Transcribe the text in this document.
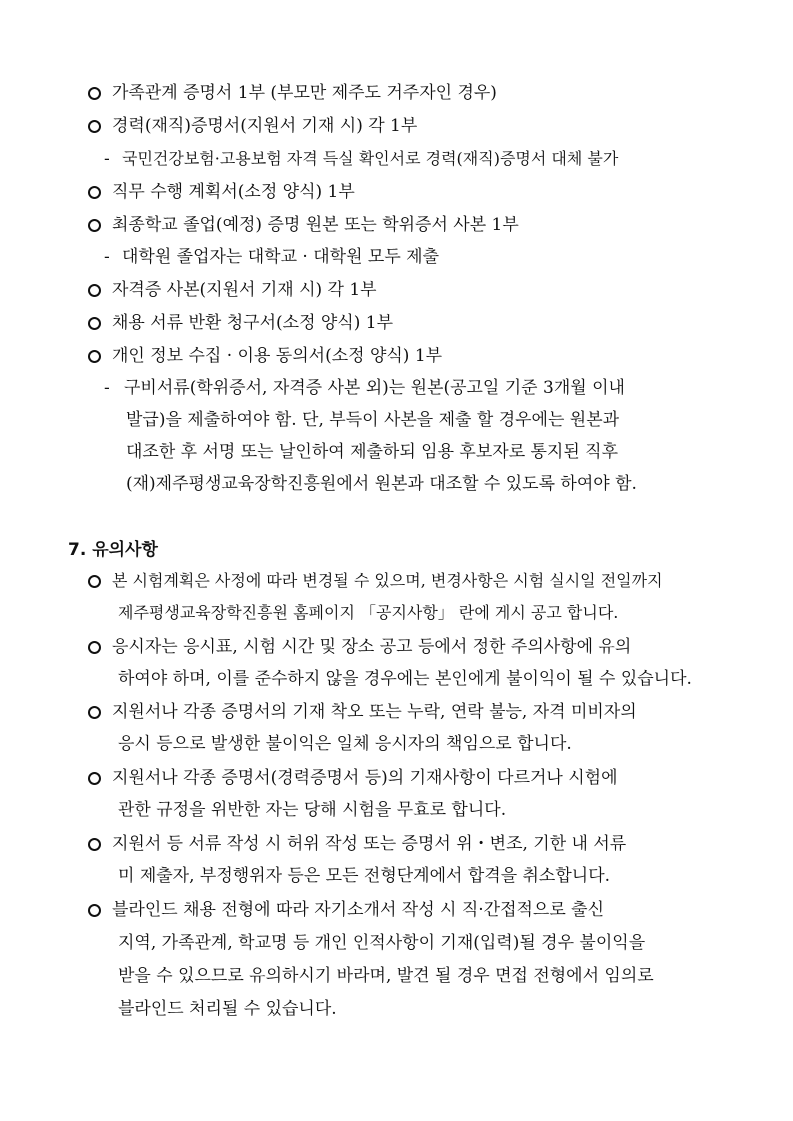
가족관계 증명서 1부 (부모만 제주도 거주자인 경우)
경력(재직)증명서(지원서 기재 시) 각 1부
- 국민건강보험·고용보험 자격 득실 확인서로 경력(재직)증명서 대체 불가
직무 수행 계획서(소정 양식) 1부
최종학교 졸업(예정) 증명 원본 또는 학위증서 사본 1부
- 대학원 졸업자는 대학교 · 대학원 모두 제출
자격증 사본(지원서 기재 시) 각 1부
채용 서류 반환 청구서(소정 양식) 1부
개인 정보 수집 · 이용 동의서(소정 양식) 1부
- 구비서류(학위증서, 자격증 사본 외)는 원본(공고일 기준 3개월 이내
발급)을 제출하여야 함. 단, 부득이 사본을 제출 할 경우에는 원본과
대조한 후 서명 또는 날인하여 제출하되 임용 후보자로 통지된 직후
(재)제주평생교육장학진흥원에서 원본과 대조할 수 있도록 하여야 함.
7. 유의사항
본 시험계획은 사정에 따라 변경될 수 있으며, 변경사항은 시험 실시일 전일까지
제주평생교육장학진흥원 홈페이지 「공지사항」 란에 게시 공고 합니다.
응시자는 응시표, 시험 시간 및 장소 공고 등에서 정한 주의사항에 유의
하여야 하며, 이를 준수하지 않을 경우에는 본인에게 불이익이 될 수 있습니다.
지원서나 각종 증명서의 기재 착오 또는 누락, 연락 불능, 자격 미비자의
응시 등으로 발생한 불이익은 일체 응시자의 책임으로 합니다.
지원서나 각종 증명서(경력증명서 등)의 기재사항이 다르거나 시험에
관한 규정을 위반한 자는 당해 시험을 무효로 합니다.
지원서 등 서류 작성 시 허위 작성 또는 증명서 위・변조, 기한 내 서류
미 제출자, 부정행위자 등은 모든 전형단계에서 합격을 취소합니다.
블라인드 채용 전형에 따라 자기소개서 작성 시 직·간접적으로 출신
지역, 가족관계, 학교명 등 개인 인적사항이 기재(입력)될 경우 불이익을
받을 수 있으므로 유의하시기 바라며, 발견 될 경우 면접 전형에서 임의로
블라인드 처리될 수 있습니다.
